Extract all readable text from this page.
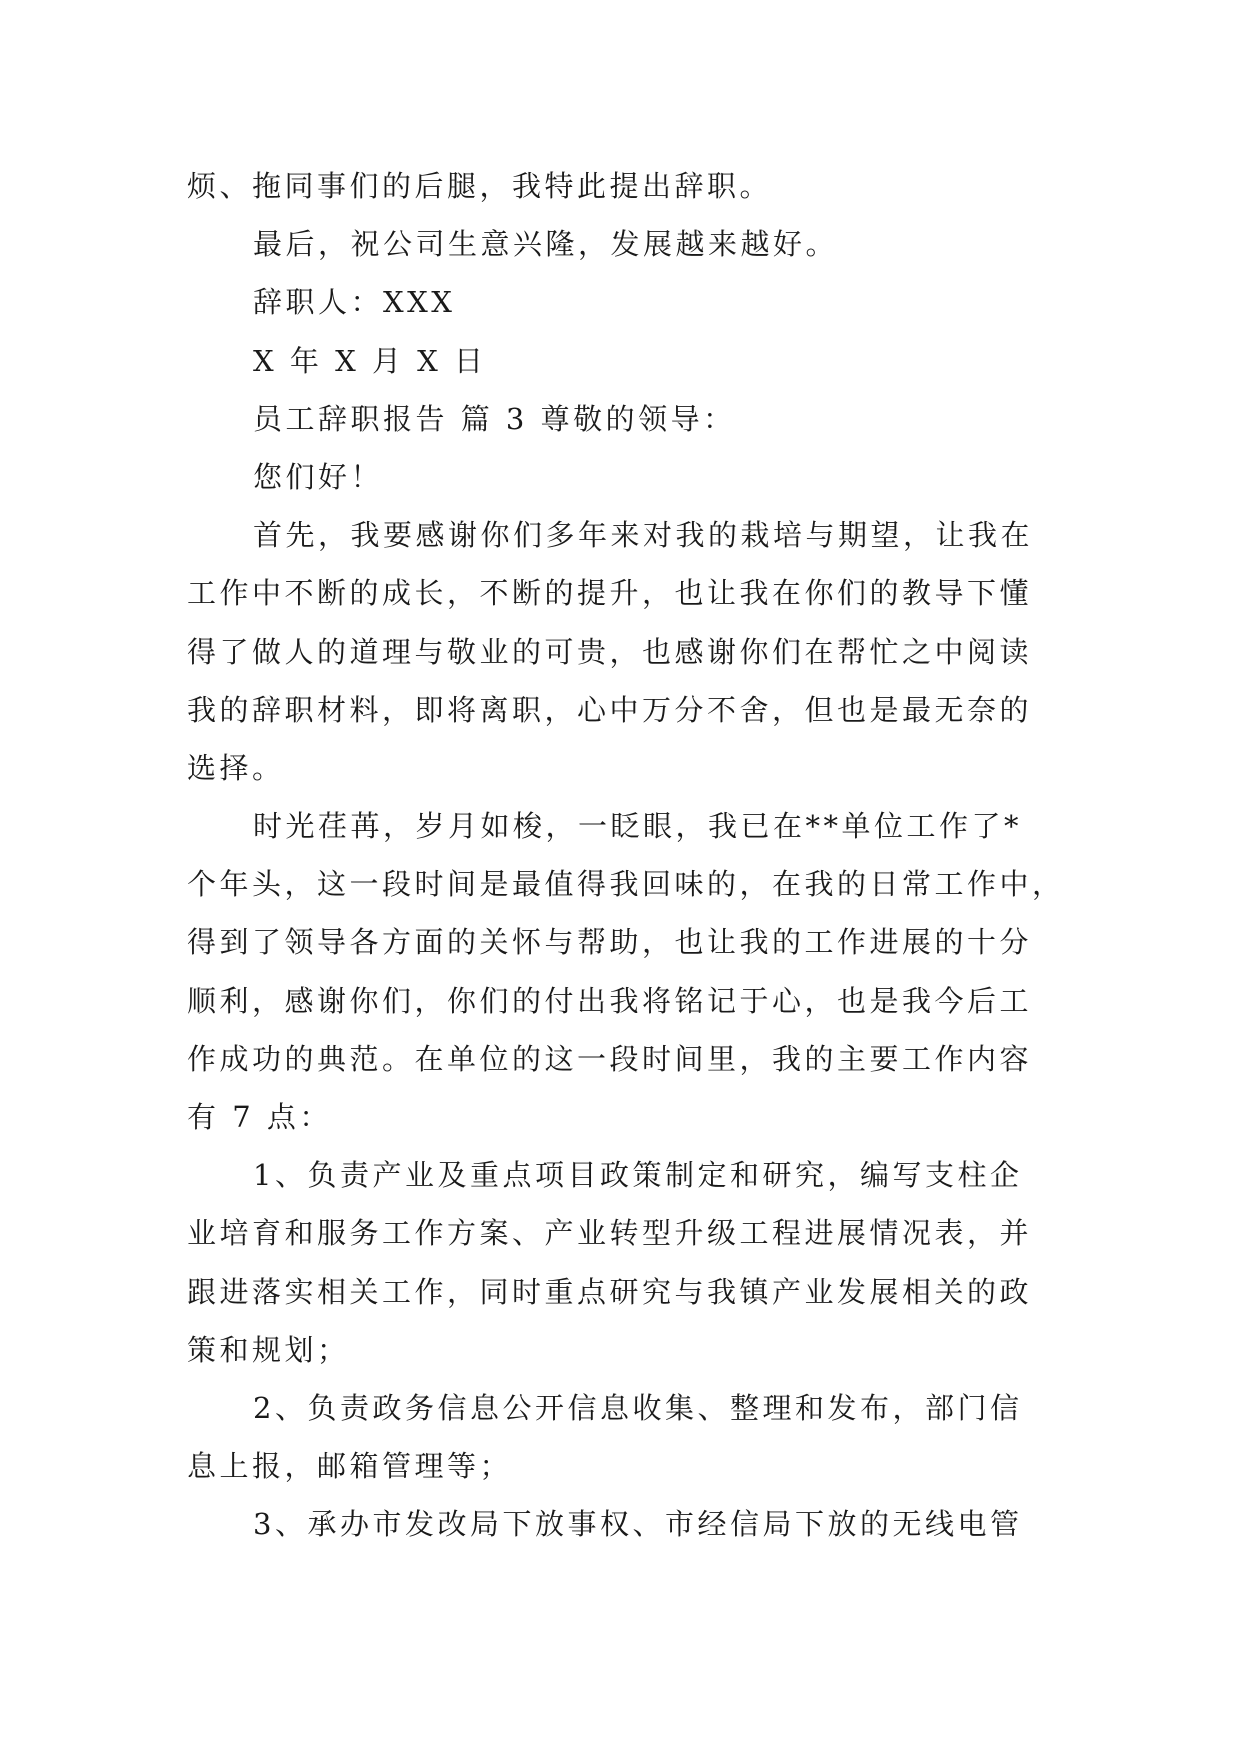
烦、拖同事们的后腿，我特此提出辞职。
最后，祝公司生意兴隆，发展越来越好。
辞职人：XXX
X 年 X 月 X 日
员工辞职报告 篇 3 尊敬的领导：
您们好！
首先，我要感谢你们多年来对我的栽培与期望，让我在
工作中不断的成长，不断的提升，也让我在你们的教导下懂
得了做人的道理与敬业的可贵，也感谢你们在帮忙之中阅读
我的辞职材料，即将离职，心中万分不舍，但也是最无奈的
选择。
时光荏苒，岁月如梭，一眨眼，我已在**单位工作了*
个年头，这一段时间是最值得我回味的，在我的日常工作中，
得到了领导各方面的关怀与帮助，也让我的工作进展的十分
顺利，感谢你们，你们的付出我将铭记于心，也是我今后工
作成功的典范。在单位的这一段时间里，我的主要工作内容
有 7 点：
1、负责产业及重点项目政策制定和研究，编写支柱企
业培育和服务工作方案、产业转型升级工程进展情况表，并
跟进落实相关工作，同时重点研究与我镇产业发展相关的政
策和规划；
2、负责政务信息公开信息收集、整理和发布，部门信
息上报，邮箱管理等；
3、承办市发改局下放事权、市经信局下放的无线电管
